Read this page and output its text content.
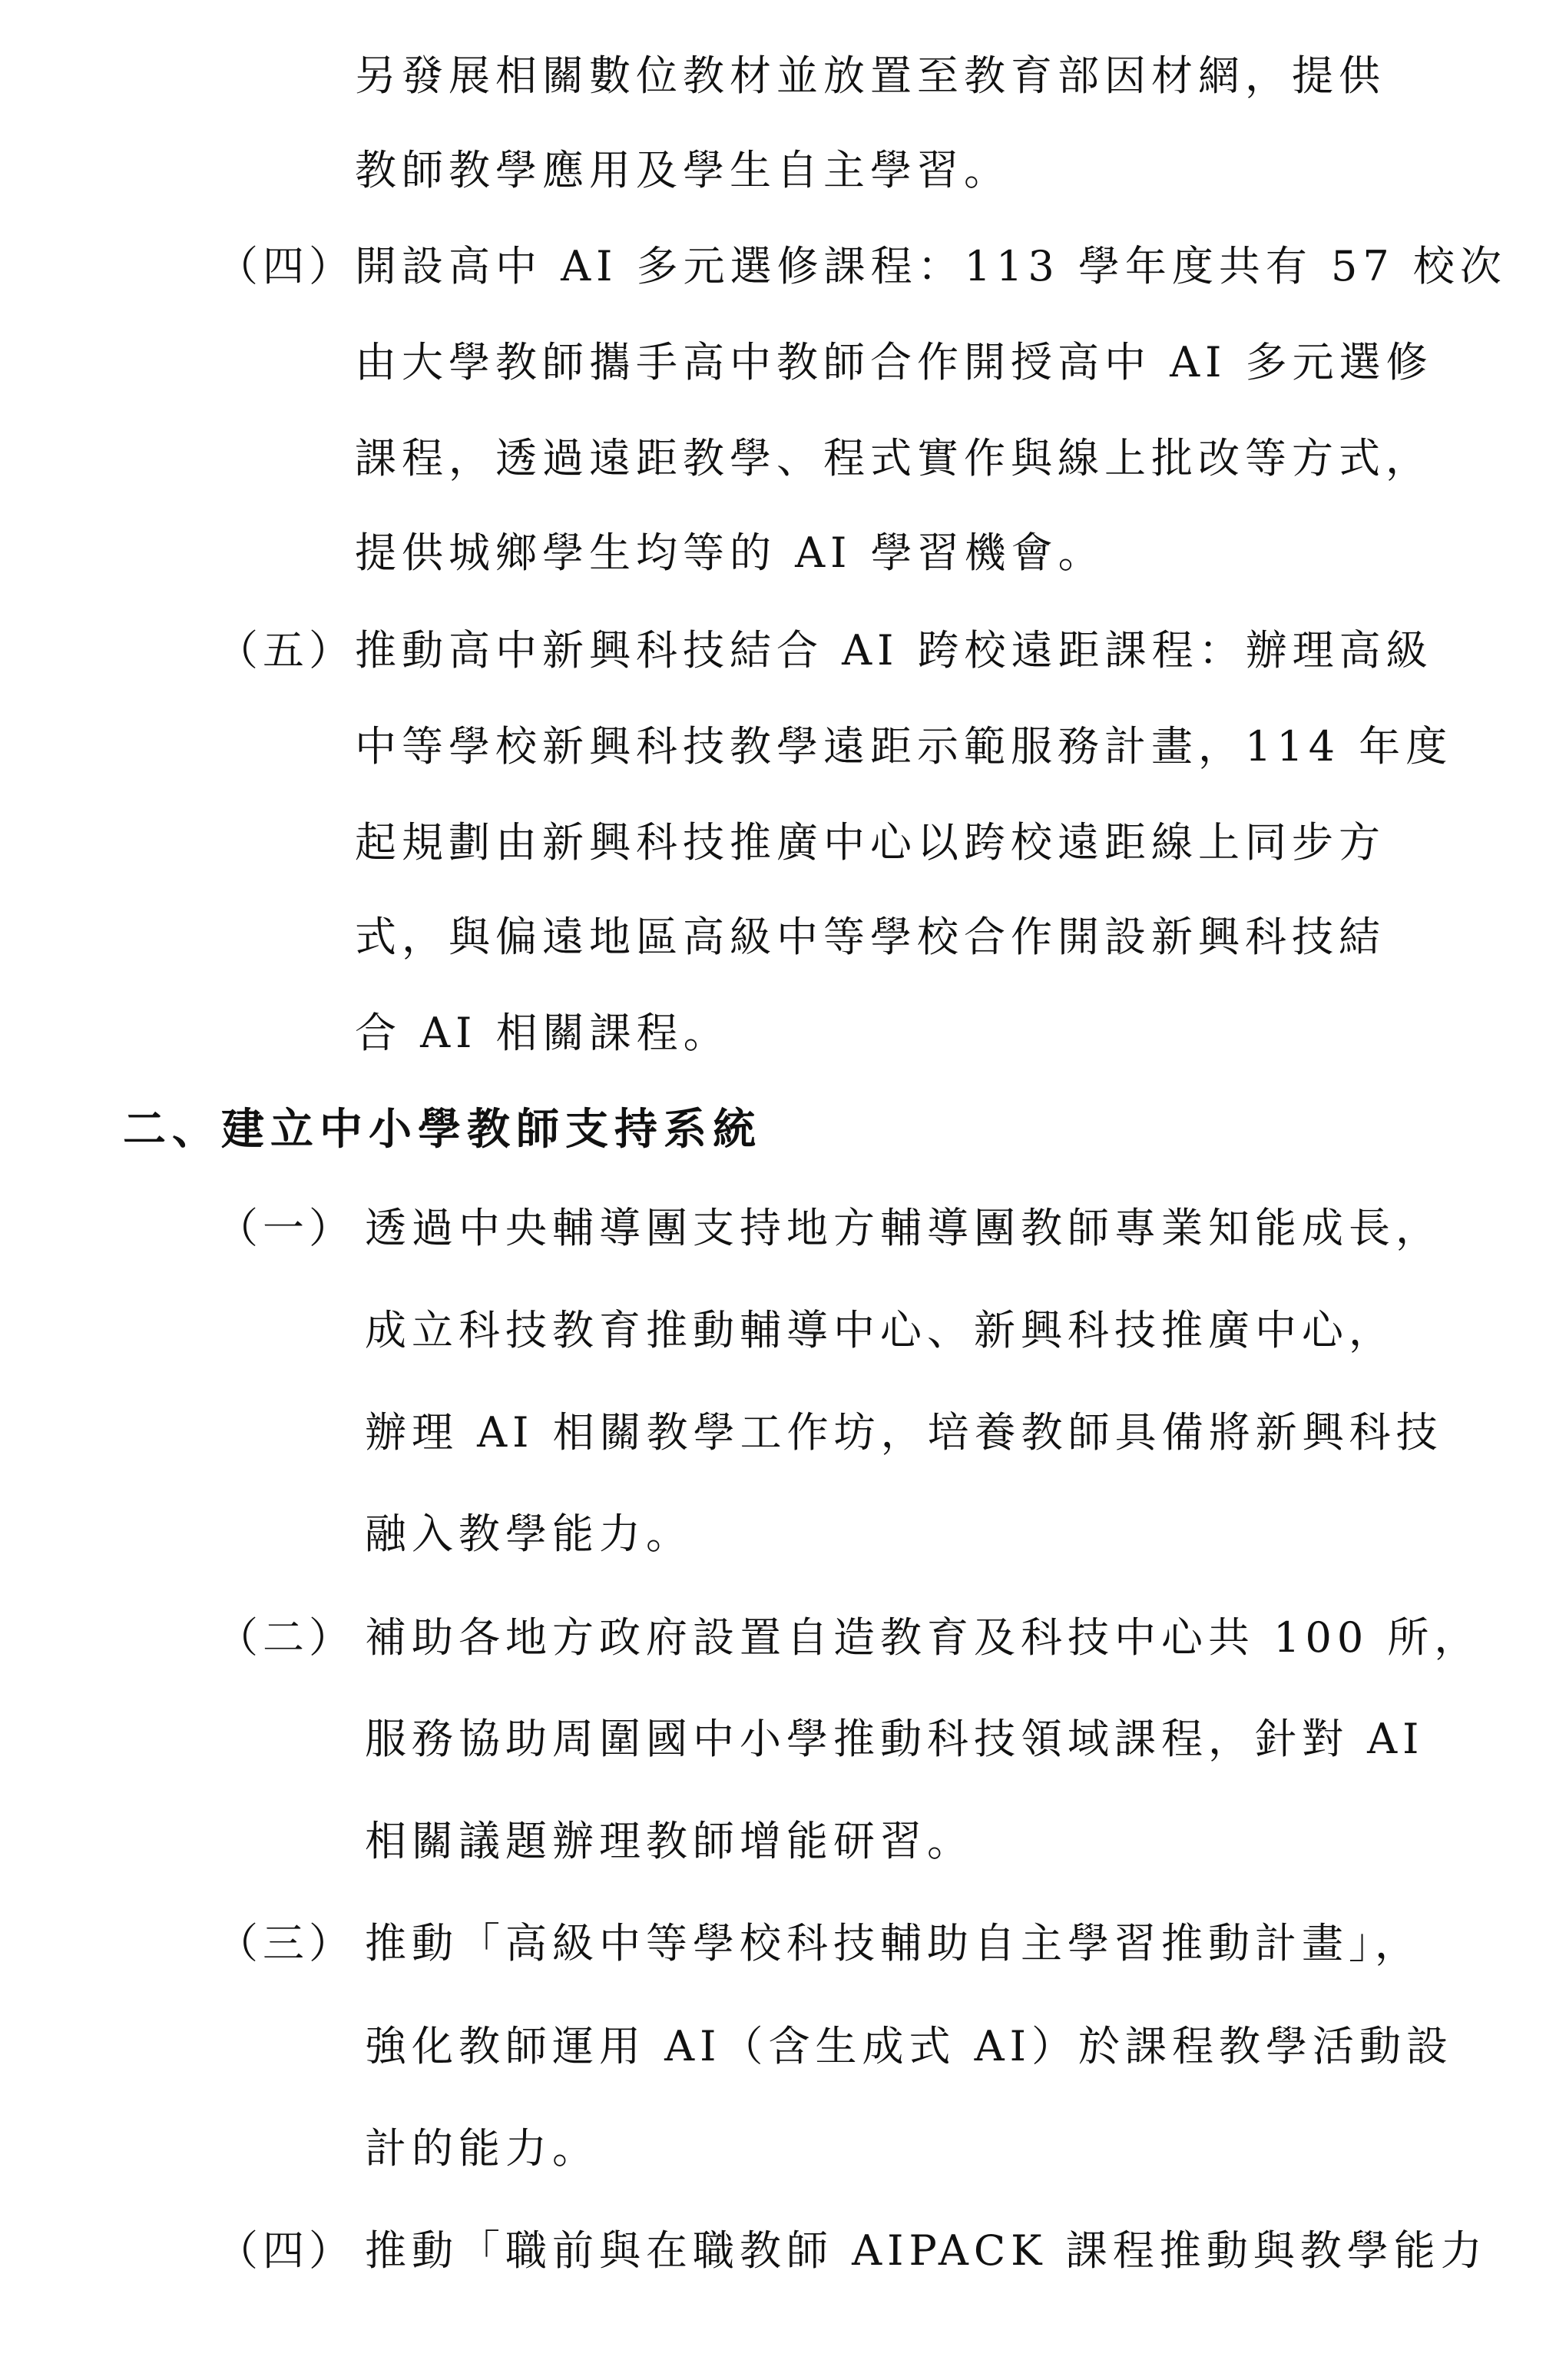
另發展相關數位教材並放置至教育部因材網，提供
教師教學應用及學生自主學習。
（四） 開設高中 AI 多元選修課程：113 學年度共有 57 校次
由大學教師攜手高中教師合作開授高中 AI 多元選修
課程，透過遠距教學、程式實作與線上批改等方式，
提供城鄉學生均等的 AI 學習機會。
（五） 推動高中新興科技結合 AI 跨校遠距課程：辦理高級
中等學校新興科技教學遠距示範服務計畫，114 年度
起規劃由新興科技推廣中心以跨校遠距線上同步方
式，與偏遠地區高級中等學校合作開設新興科技結
合 AI 相關課程。
二、建立中小學教師支持系統
（一） 透過中央輔導團支持地方輔導團教師專業知能成長，
成立科技教育推動輔導中心、新興科技推廣中心，
辦理 AI 相關教學工作坊，培養教師具備將新興科技
融入教學能力。
（二） 補助各地方政府設置自造教育及科技中心共 100 所，
服務協助周圍國中小學推動科技領域課程，針對 AI
相關議題辦理教師增能研習。
（三） 推動「高級中等學校科技輔助自主學習推動計畫」，
強化教師運用 AI（含生成式 AI）於課程教學活動設
計的能力。
（四） 推動「職前與在職教師 AIPACK 課程推動與教學能力
